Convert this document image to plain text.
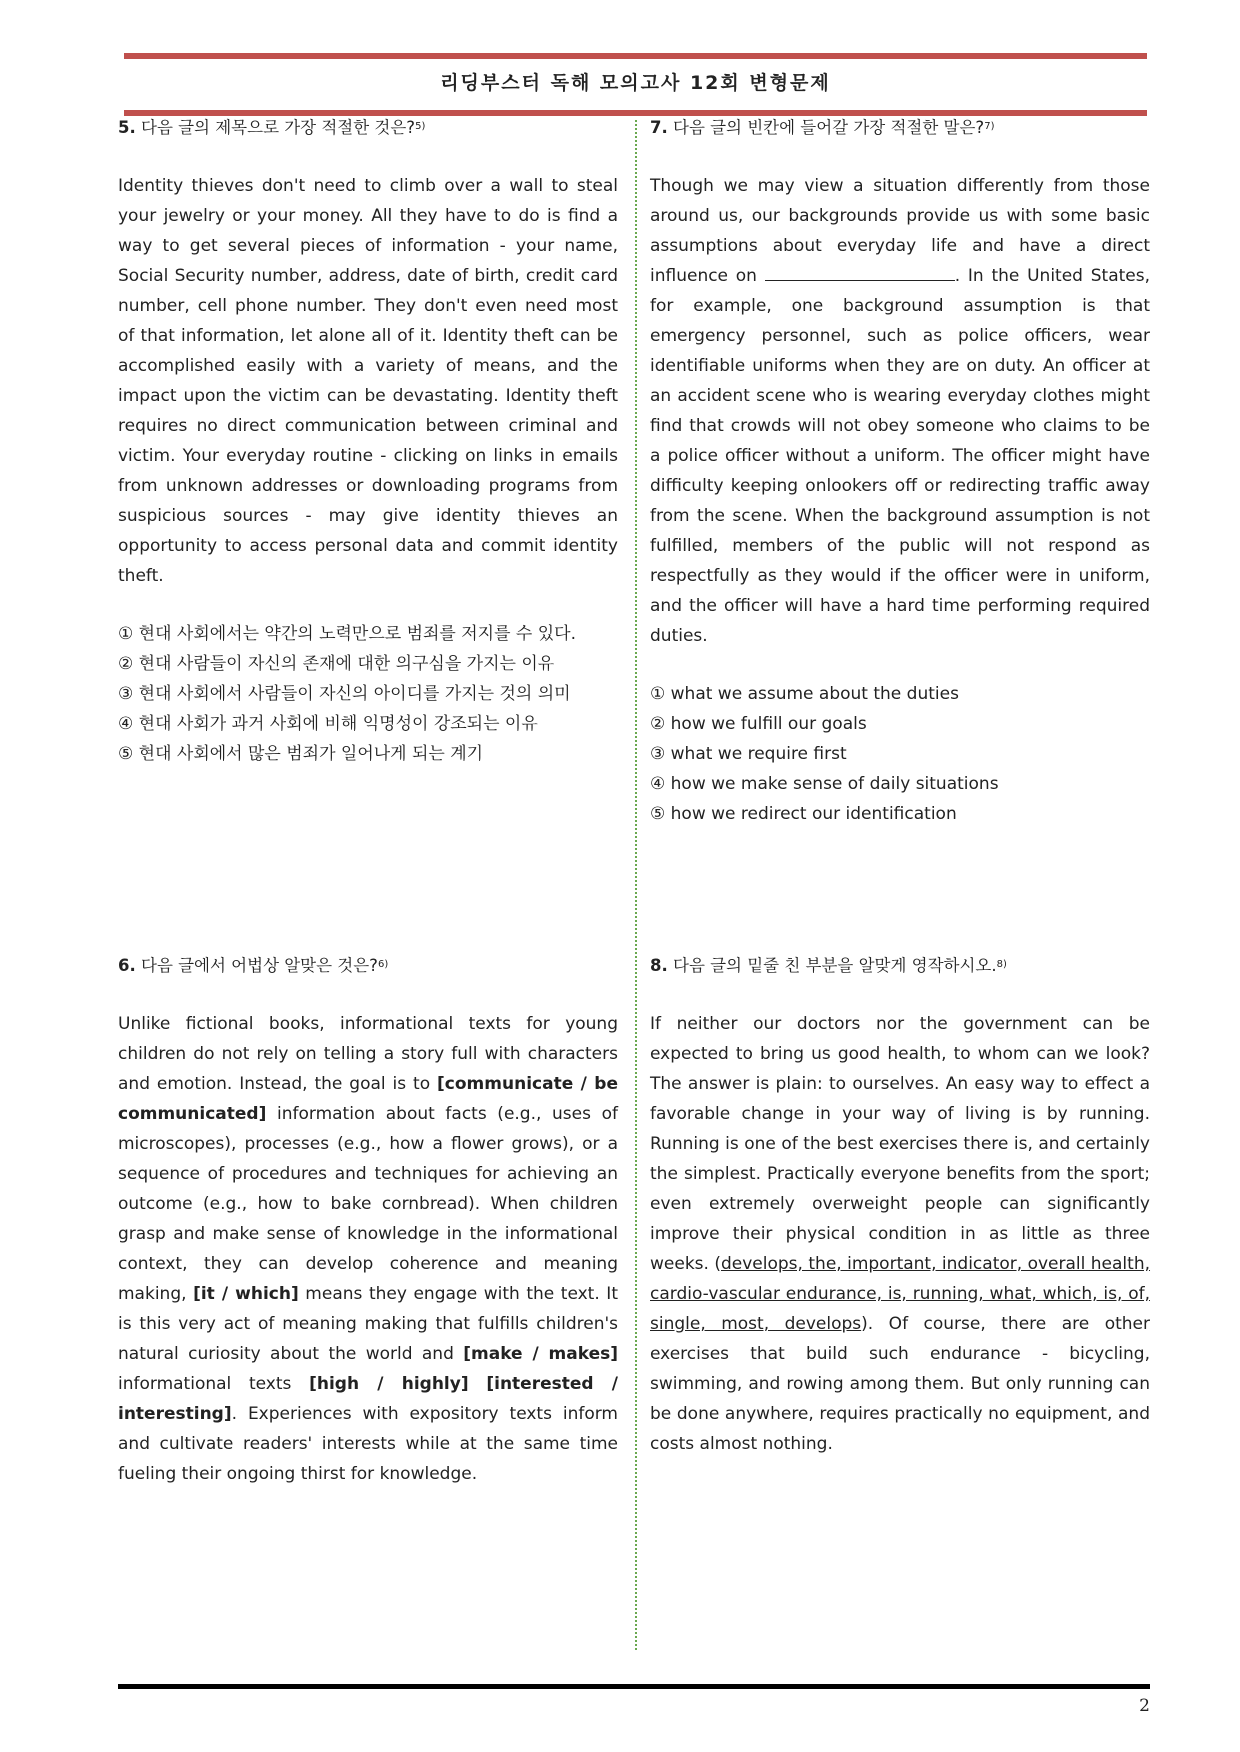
리딩부스터 독해 모의고사 12회 변형문제

5. 다음 글의 제목으로 가장 적절한 것은?$^{5)}$

Identity thieves don't need to climb over a wall to steal your jewelry or your money. All they have to do is find a way to get several pieces of information - your name, Social Security number, address, date of birth, credit card number, cell phone number. They don't even need most of that information, let alone all of it. Identity theft can be accomplished easily with a variety of means, and the impact upon the victim can be devastating. Identity theft requires no direct communication between criminal and victim. Your everyday routine - clicking on links in emails from unknown addresses or downloading programs from suspicious sources - may give identity thieves an opportunity to access personal data and commit identity theft.

① 현대 사회에서는 약간의 노력만으로 범죄를 저지를 수 있다.
② 현대 사람들이 자신의 존재에 대한 의구심을 가지는 이유
③ 현대 사회에서 사람들이 자신의 아이디를 가지는 것의 의미
④ 현대 사회가 과거 사회에 비해 익명성이 강조되는 이유
⑤ 현대 사회에서 많은 범죄가 일어나게 되는 계기

6. 다음 글에서 어법상 알맞은 것은?$^{6)}$

Unlike fictional books, informational texts for young children do not rely on telling a story full with characters and emotion. Instead, the goal is to [communicate / be communicated] information about facts (e.g., uses of microscopes), processes (e.g., how a flower grows), or a sequence of procedures and techniques for achieving an outcome (e.g., how to bake cornbread). When children grasp and make sense of knowledge in the informational context, they can develop coherence and meaning making, [it / which] means they engage with the text. It is this very act of meaning making that fulfills children's natural curiosity about the world and [make / makes] informational texts [high / highly] [interested / interesting]. Experiences with expository texts inform and cultivate readers' interests while at the same time fueling their ongoing thirst for knowledge.

7. 다음 글의 빈칸에 들어갈 가장 적절한 말은?$^{7)}$

Though we may view a situation differently from those around us, our backgrounds provide us with some basic assumptions about everyday life and have a direct influence on	. In the United States, for example, one background assumption is that emergency personnel, such as police officers, wear identifiable uniforms when they are on duty. An officer at an accident scene who is wearing everyday clothes might find that crowds will not obey someone who claims to be a police officer without a uniform. The officer might have difficulty keeping onlookers off or redirecting traffic away from the scene. When the background assumption is not fulfilled, members of the public will not respond as respectfully as they would if the officer were in uniform, and the officer will have a hard time performing required duties.

① what we assume about the duties
② how we fulfill our goals
③ what we require first
④ how we make sense of daily situations
⑤ how we redirect our identification

8. 다음 글의 밑줄 친 부분을 알맞게 영작하시오.$^{8)}$

If neither our doctors nor the government can be expected to bring us good health, to whom can we look? The answer is plain: to ourselves. An easy way to effect a favorable change in your way of living is by running. Running is one of the best exercises there is, and certainly the simplest. Practically everyone benefits from the sport; even extremely overweight people can significantly improve their physical condition in as little as three weeks. (develops, the, important, indicator, overall health, cardio-vascular endurance, is, running, what, which, is, of, single, most, develops). Of course, there are other exercises that build such endurance - bicycling, swimming, and rowing among them. But only running can be done anywhere, requires practically no equipment, and costs almost nothing.

2
